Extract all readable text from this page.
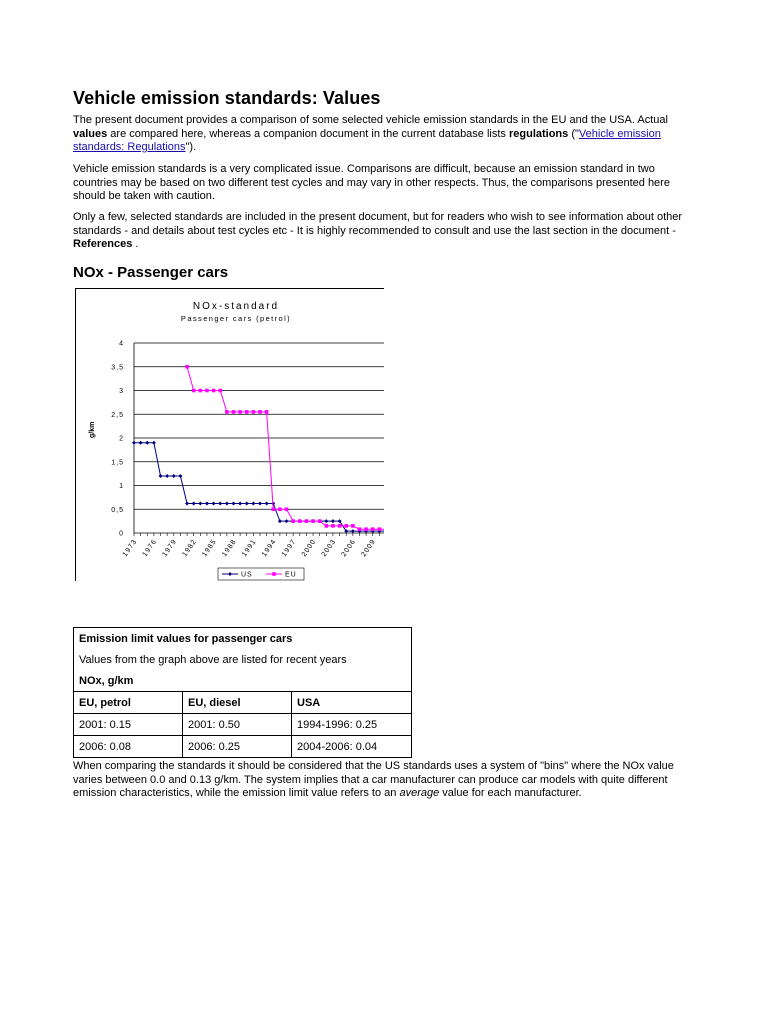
Vehicle emission standards: Values

The present document provides a comparison of some selected vehicle emission standards in the EU and the USA. Actual values are compared here, whereas a companion document in the current database lists regulations ("Vehicle emission standards: Regulations").

Vehicle emission standards is a very complicated issue. Comparisons are difficult, because an emission standard in two countries may be based on two different test cycles and may vary in other respects. Thus, the comparisons presented here should be taken with caution.

Only a few, selected standards are included in the present document, but for readers who wish to see information about other standards - and details about test cycles etc - It is highly recommended to consult and use the last section in the document - References .

NOx - Passenger cars
NOx-standard
Passenger cars (petrol)
g/km
0
0,5
1
1,5
2
2,5
3
3,5
4
1973 1976 1979 1982 1985 1988 1991 1994 1997 2000 2003 2006 2009
US	EU
Emission limit values for passenger cars		
Values from the graph above are listed for recent years		
NOx, g/km		
EU, petrol	EU, diesel	USA
2001: 0.15	2001: 0.50	1994-1996: 0.25
2006: 0.08	2006: 0.25	2004-2006: 0.04

When comparing the standards it should be considered that the US standards uses a system of "bins" where the NOx value varies between 0.0 and 0.13 g/km. The system implies that a car manufacturer can produce car models with quite different emission characteristics, while the emission limit value refers to an average value for each manufacturer.
